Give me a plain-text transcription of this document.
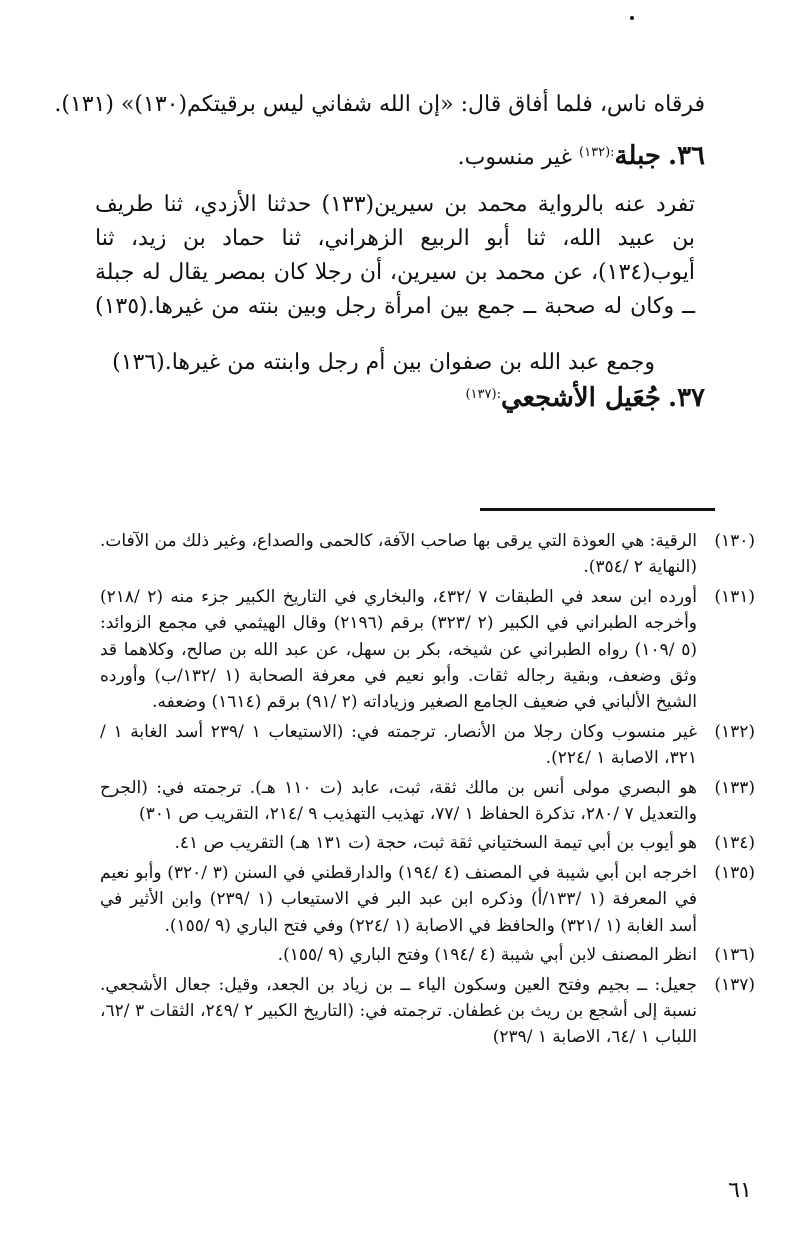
فرقاه ناس، فلما أفاق قال: «إن الله شفاني ليس برقيتكم‏(١٣٠)» (١٣١).
٣٦. جبلة$^{:(١٣٢)}$ غير منسوب.
تفرد عنه بالرواية محمد بن سيرين(١٣٣) حدثنا الأزدي، ثنا طريف بن عبيد الله، ثنا أبو الربيع الزهراني، ثنا حماد بن زيد، ثنا أيوب(١٣٤)، عن محمد بن سيرين، أن رجلا كان بمصر يقال له جبلة ــ وكان له صحبة ــ جمع بين امرأة رجل وبين بنته من غيرها.(١٣٥)
وجمع عبد الله بن صفوان بين أم رجل وابنته من غيرها.(١٣٦)
٣٧. جُعَيل الأشجعي$^{:(١٣٧)}$
(١٣٠)
الرقية: هي العوذة التي يرقى بها صاحب الآفة، كالحمى والصداع، وغير ذلك من الآفات. (النهاية ٢ /٣٥٤).
(١٣١)
أورده ابن سعد في الطبقات ٧ /٤٣٢، والبخاري في التاريخ الكبير جزء منه (٢ /٢١٨) وأخرجه الطبراني في الكبير (٢ /٣٢٣) برقم (٢١٩٦) وقال الهيثمي في مجمع الزوائد: (٥ /١٠٩) رواه الطبراني عن شيخه، بكر بن سهل، عن عبد الله بن صالح، وكلاهما قد وثق وضعف، وبقية رجاله ثقات. وأبو نعيم في معرفة الصحابة (١ /١٣٢/ب) وأورده الشيخ الألباني في ضعيف الجامع الصغير وزياداته (٢ /٩١) برقم (١٦١٤) وضعفه.
(١٣٢)
غير منسوب وكان رجلا من الأنصار. ترجمته في: (الاستيعاب ١ /٢٣٩ أسد الغابة ١ /٣٢١، الاصابة ١ /٢٢٤).
(١٣٣)
هو البصري مولى أنس بن مالك ثقة، ثبت، عابد (ت ١١٠ هـ). ترجمته في: (الجرح والتعديل ٧ /٢٨٠، تذكرة الحفاظ ١ /٧٧، تهذيب التهذيب ٩ /٢١٤، التقريب ص ٣٠١)
(١٣٤)
هو أيوب بن أبي تيمة السختياني ثقة ثبت، حجة (ت ١٣١ هـ) التقريب ص ٤١.
(١٣٥)
اخرجه ابن أبي شيبة في المصنف (٤ /١٩٤) والدارقطني في السنن (٣ /٣٢٠) وأبو نعيم في المعرفة (١ /١٣٣/أ) وذكره ابن عبد البر في الاستيعاب (١ /٢٣٩) وابن الأثير في أسد الغابة (١ /٣٢١) والحافظ في الاصابة (١ /٢٢٤) وفي فتح الباري (٩ /١٥٥).
(١٣٦)
انظر المصنف لابن أبي شيبة (٤ /١٩٤) وفتح الباري (٩ /١٥٥).
(١٣٧)
جعيل: ــ بجيم وفتح العين وسكون الياء ــ بن زياد بن الجعد، وقيل: جعال الأشجعي. نسبة إلى أشجع بن ريث بن غطفان. ترجمته في: (التاريخ الكبير ٢ /٢٤٩، الثقات ٣ /٦٢، اللباب ١ /٦٤، الاصابة ١ /٢٣٩)
٦١
